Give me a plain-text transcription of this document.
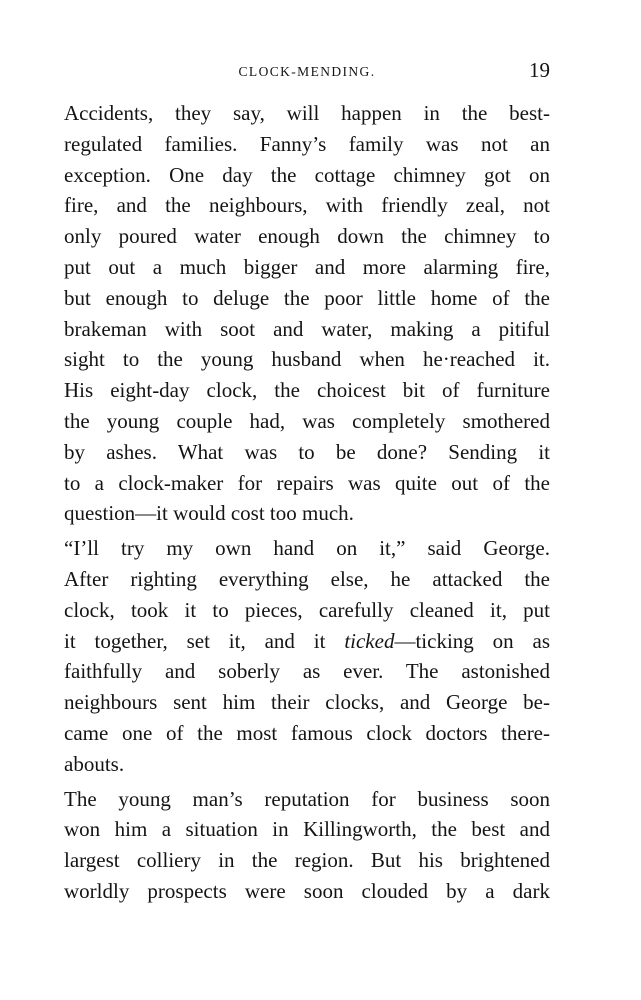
CLOCK-MENDING.	19
Accidents, they say, will happen in the best-
regulated families. Fanny’s family was not an
exception. One day the cottage chimney got on
fire, and the neighbours, with friendly zeal, not
only poured water enough down the chimney to
put out a much bigger and more alarming fire,
but enough to deluge the poor little home of the
brakeman with soot and water, making a pitiful
sight to the young husband when he·reached it.
His eight-day clock, the choicest bit of furniture
the young couple had, was completely smothered
by ashes. What was to be done? Sending it
to a clock-maker for repairs was quite out of the
question—it would cost too much.
“I’ll try my own hand on it,” said George.
After righting everything else, he attacked the
clock, took it to pieces, carefully cleaned it, put
it together, set it, and it ticked—ticking on as
faithfully and soberly as ever. The astonished
neighbours sent him their clocks, and George be-
came one of the most famous clock doctors there-
abouts.
The young man’s reputation for business soon
won him a situation in Killingworth, the best and
largest colliery in the region. But his brightened
worldly prospects were soon clouded by a dark
